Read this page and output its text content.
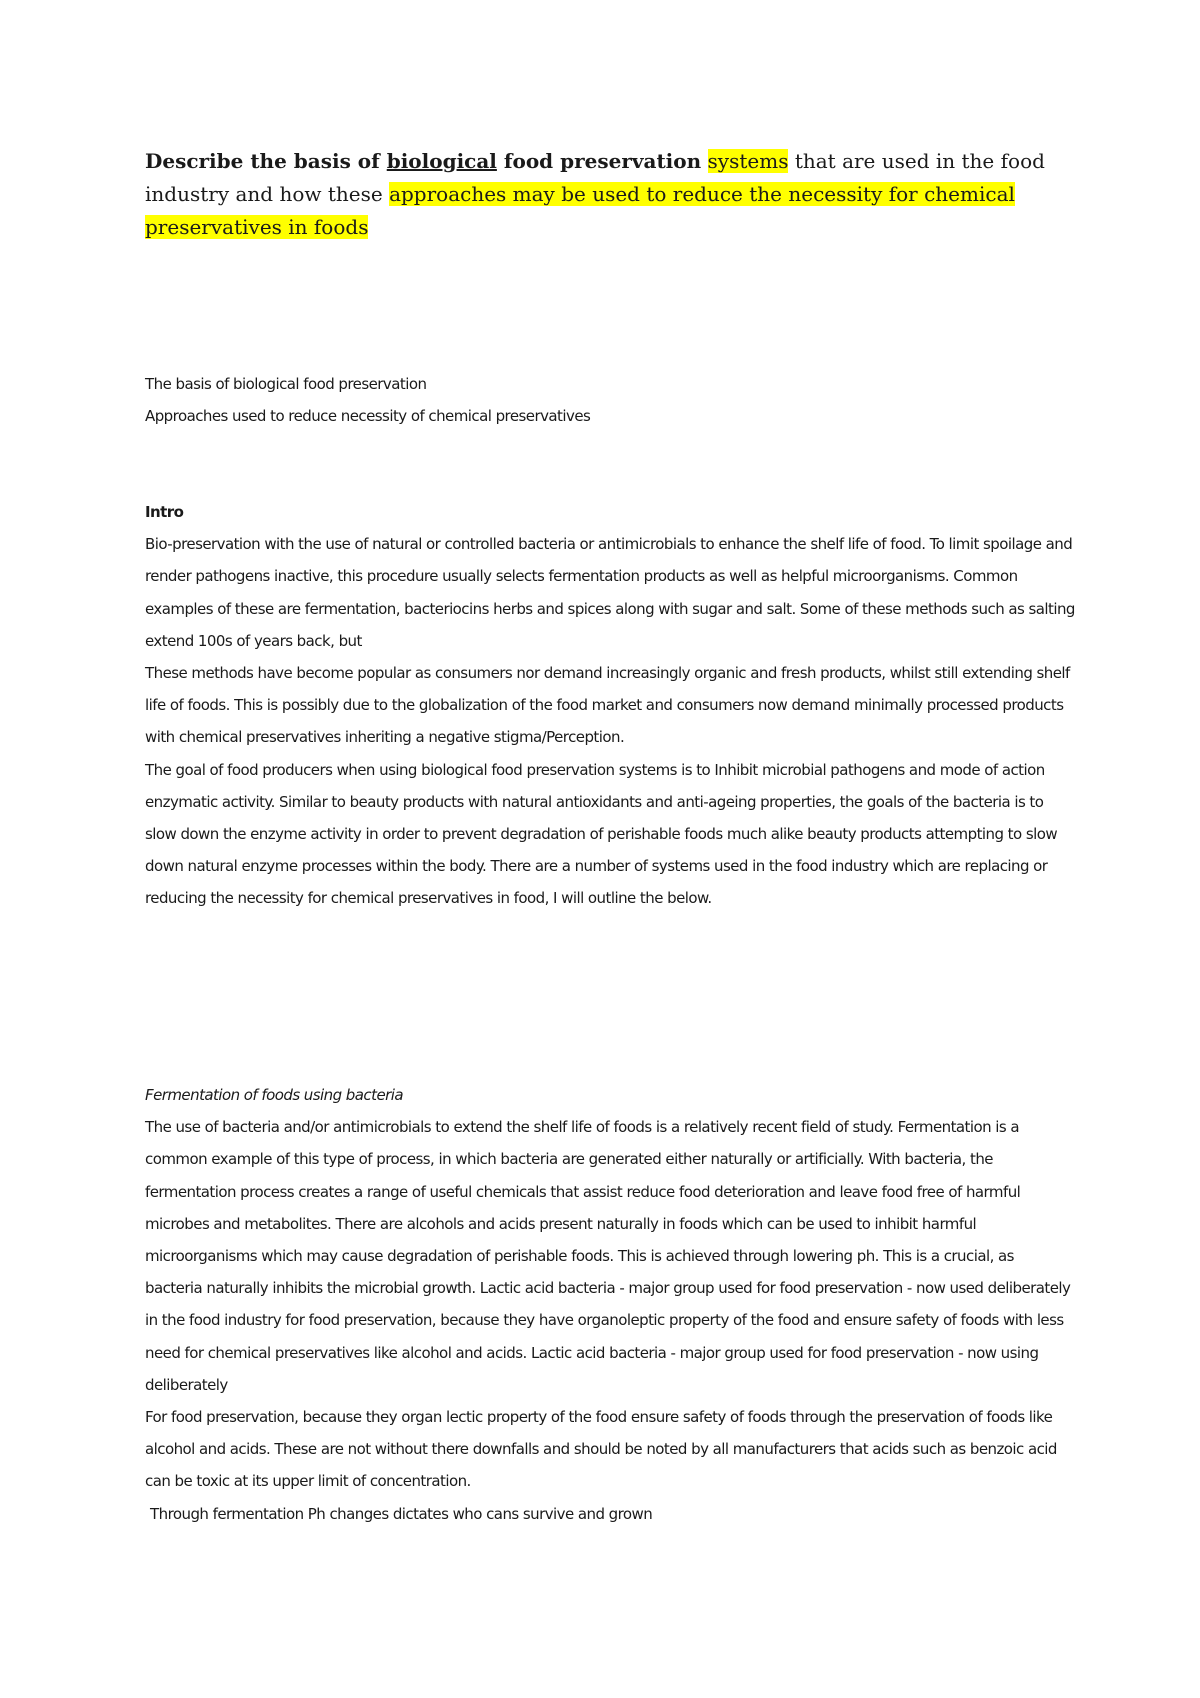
Describe the basis of biological food preservation systems that are used in the food industry and how these approaches may be used to reduce the necessity for chemical preservatives in foods

The basis of biological food preservation

Approaches used to reduce necessity of chemical preservatives

Intro

Bio-preservation with the use of natural or controlled bacteria or antimicrobials to enhance the shelf life of food. To limit spoilage and render pathogens inactive, this procedure usually selects fermentation products as well as helpful microorganisms. Common examples of these are fermentation, bacteriocins herbs and spices along with sugar and salt. Some of these methods such as salting extend 100s of years back, but

These methods have become popular as consumers nor demand increasingly organic and fresh products, whilst still extending shelf life of foods. This is possibly due to the globalization of the food market and consumers now demand minimally processed products with chemical preservatives inheriting a negative stigma/Perception.

The goal of food producers when using biological food preservation systems is to Inhibit microbial pathogens and mode of action enzymatic activity. Similar to beauty products with natural antioxidants and anti-ageing properties, the goals of the bacteria is to slow down the enzyme activity in order to prevent degradation of perishable foods much alike beauty products attempting to slow down natural enzyme processes within the body. There are a number of systems used in the food industry which are replacing or reducing the necessity for chemical preservatives in food, I will outline the below.

Fermentation of foods using bacteria

The use of bacteria and/or antimicrobials to extend the shelf life of foods is a relatively recent field of study. Fermentation is a common example of this type of process, in which bacteria are generated either naturally or artificially. With bacteria, the fermentation process creates a range of useful chemicals that assist reduce food deterioration and leave food free of harmful microbes and metabolites. There are alcohols and acids present naturally in foods which can be used to inhibit harmful microorganisms which may cause degradation of perishable foods. This is achieved through lowering ph. This is a crucial, as bacteria naturally inhibits the microbial growth. Lactic acid bacteria - major group used for food preservation - now used deliberately in the food industry for food preservation, because they have organoleptic property of the food and ensure safety of foods with less need for chemical preservatives like alcohol and acids. Lactic acid bacteria - major group used for food preservation - now using deliberately

For food preservation, because they organ lectic property of the food ensure safety of foods through the preservation of foods like alcohol and acids. These are not without there downfalls and should be noted by all manufacturers that acids such as benzoic acid can be toxic at its upper limit of concentration.

Through fermentation Ph changes dictates who cans survive and grown
